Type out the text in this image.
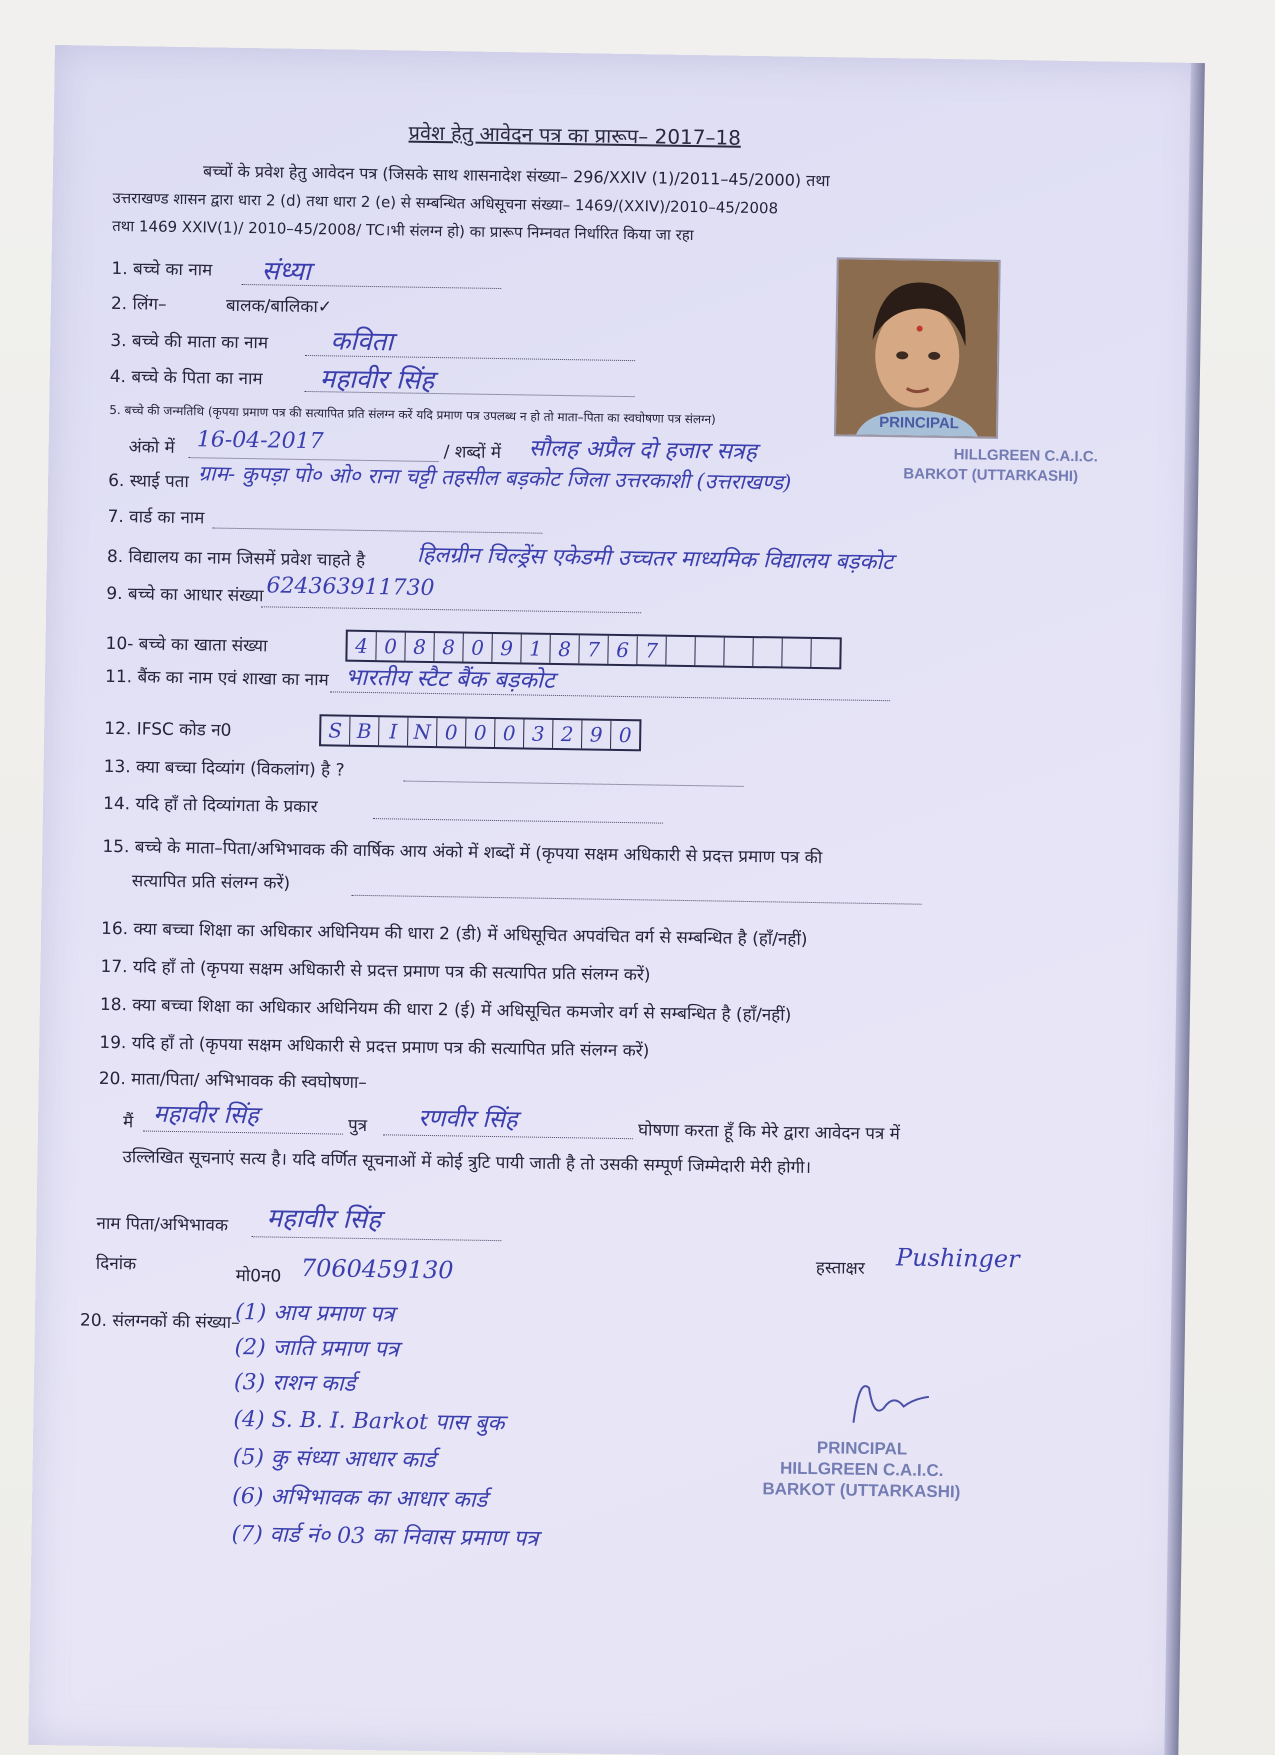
प्रवेश हेतु आवेदन पत्र का प्रारूप– 2017–18
बच्चों के प्रवेश हेतु आवेदन पत्र (जिसके साथ शासनादेश संख्या– 296/XXIV (1)/2011–45/2000) तथा
उत्तराखण्ड शासन द्वारा धारा 2 (d) तथा धारा 2 (e) से सम्बन्धित अधिसूचना संख्या– 1469/(XXIV)/2010–45/2008
तथा 1469 XXIV(1)/ 2010–45/2008/ TC।भी संलग्न हो) का प्रारूप निम्नवत निर्धारित किया जा रहा
PRINCIPAL
HILLGREEN C.A.I.C.
BARKOT (UTTARKASHI)
1. बच्चे का नाम संध्या
2. लिंग–	बालक/बालिका✓
3. बच्चे की माता का नाम कविता
4. बच्चे के पिता का नाम महावीर सिंह
5. बच्चे की जन्मतिथि (कृपया प्रमाण पत्र की सत्यापित प्रति संलग्न करें यदि प्रमाण पत्र उपलब्ध न हो तो माता–पिता का स्वघोषणा पत्र संलग्न)
अंको में 16-04-2017	/ शब्दों में सौलह अप्रैल दो हजार सत्रह
6. स्थाई पता ग्राम- कुपड़ा पो० ओ० राना चट्टी तहसील बड़कोट जिला उत्तरकाशी (उत्तराखण्ड)
7. वार्ड का नाम
8. विद्यालय का नाम जिसमें प्रवेश चाहते है हिलग्रीन चिल्ड्रेंस एकेडमी उच्चतर माध्यमिक विद्यालय बड़कोट
9. बच्चे का आधार संख्या 624363911730
10- बच्चे का खाता संख्या	4 0 8 8 0 9 1 8 7 6 7
11. बैंक का नाम एवं शाखा का नाम भारतीय स्टैट बैंक बड़कोट
12. IFSC कोड न0	S B I N 0 0 0 3 2 9 0
13. क्या बच्चा दिव्यांग (विकलांग) है ?
14. यदि हाँ तो दिव्यांगता के प्रकार
15. बच्चे के माता–पिता/अभिभावक की वार्षिक आय अंको में शब्दों में (कृपया सक्षम अधिकारी से प्रदत्त प्रमाण पत्र की
सत्यापित प्रति संलग्न करें)
16. क्या बच्चा शिक्षा का अधिकार अधिनियम की धारा 2 (डी) में अधिसूचित अपवंचित वर्ग से सम्बन्धित है (हाँ/नहीं)
17. यदि हाँ तो (कृपया सक्षम अधिकारी से प्रदत्त प्रमाण पत्र की सत्यापित प्रति संलग्न करें)
18. क्या बच्चा शिक्षा का अधिकार अधिनियम की धारा 2 (ई) में अधिसूचित कमजोर वर्ग से सम्बन्धित है (हाँ/नहीं)
19. यदि हाँ तो (कृपया सक्षम अधिकारी से प्रदत्त प्रमाण पत्र की सत्यापित प्रति संलग्न करें)
20. माता/पिता/ अभिभावक की स्वघोषणा–
मैं महावीर सिंह	पुत्र रणवीर सिंह	घोषणा करता हूँ कि मेरे द्वारा आवेदन पत्र में
उल्लिखित सूचनाएं सत्य है। यदि वर्णित सूचनाओं में कोई त्रुटि पायी जाती है तो उसकी सम्पूर्ण जिम्मेदारी मेरी होगी।
नाम पिता/अभिभावक महावीर सिंह
दिनांक
मो0न0 7060459130	हस्ताक्षर Pushinger
20. संलग्नकों की संख्या–
(1) आय प्रमाण पत्र
(2) जाति प्रमाण पत्र
(3) राशन कार्ड
(4) S. B. I. Barkot पास बुक
(5) कु संध्या आधार कार्ड
(6) अभिभावक का आधार कार्ड
(7) वार्ड नं० 03 का निवास प्रमाण पत्र
PRINCIPAL
HILLGREEN C.A.I.C.
BARKOT (UTTARKASHI)
